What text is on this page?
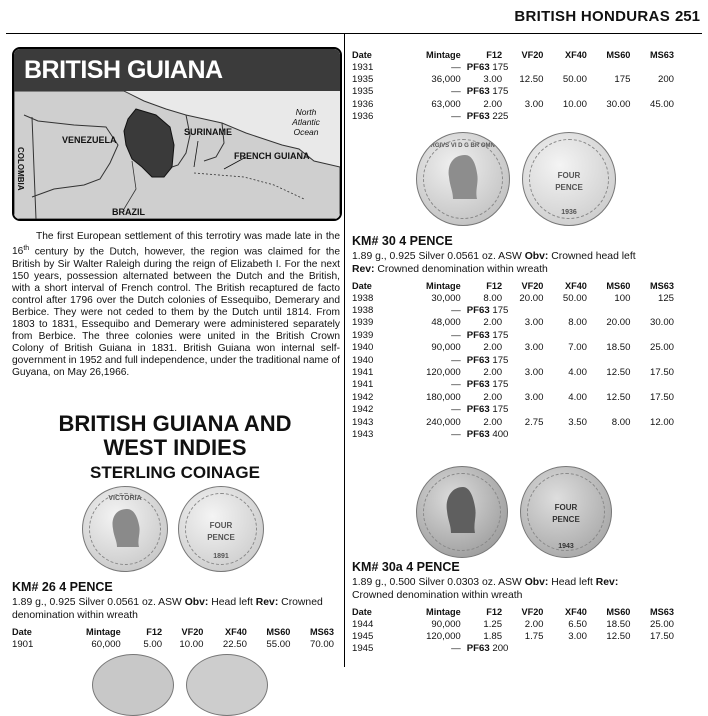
BRITISH HONDURAS 251
BRITISH GUIANA
VENEZUELA
SURINAME
FRENCH GUIANA
BRAZIL
COLOMBIA
North
Atlantic
Ocean
The first European settlement of this terrotiry was made late in the 16th century by the Dutch, however, the region was claimed for the British by Sir Walter Raleigh during the reign of Elizabeth I. For the next 150 years, possession alternated between the Dutch and the British, with a short interval of French control. The British recaptured de facto control after 1796 over the Dutch colonies of Essequibo, Demerary and Berbice. They were not ceded to them by the Dutch until 1814. From 1803 to 1831, Essequibo and Demerary were administered separately from Berbice. The three colonies were united in the British Crown Colony of British Guiana in 1831. British Guiana won internal self-government in 1952 and full independence, under the traditional name of Guyana, on May 26,1966.
BRITISH GUIANA AND
WEST INDIES
STERLING COINAGE
VICTORIA
FOUR
PENCE
1891
KM# 26 4 PENCE
1.89 g., 0.925 Silver 0.0561 oz. ASW Obv: Head left Rev: Crowned denomination within wreath
Date	Mintage	F12	VF20	XF40	MS60	MS63
1901	60,000	5.00	10.00	22.50	55.00	70.00
Date	Mintage	F12	VF20	XF40	MS60	MS63
1931	—	PF63 175				
1935	36,000	3.00	12.50	50.00	175	200
1935	—	PF63 175				
1936	63,000	2.00	3.00	10.00	30.00	45.00
1936	—	PF63 225				
GEORGIVS VI D G BR OMN REX
FOUR
PENCE
1936
KM# 30 4 PENCE
1.89 g., 0.925 Silver 0.0561 oz. ASW Obv: Crowned head left
Rev: Crowned denomination within wreath
Date	Mintage	F12	VF20	XF40	MS60	MS63
1938	30,000	8.00	20.00	50.00	100	125
1938	—	PF63 175				
1939	48,000	2.00	3.00	8.00	20.00	30.00
1939	—	PF63 175				
1940	90,000	2.00	3.00	7.00	18.50	25.00
1940	—	PF63 175				
1941	120,000	2.00	3.00	4.00	12.50	17.50
1941	—	PF63 175				
1942	180,000	2.00	3.00	4.00	12.50	17.50
1942	—	PF63 175				
1943	240,000	2.00	2.75	3.50	8.00	12.00
1943	—	PF63 400				
FOUR
PENCE
1943
KM# 30a 4 PENCE
1.89 g., 0.500 Silver 0.0303 oz. ASW Obv: Head left Rev:
Crowned denomination within wreath
Date	Mintage	F12	VF20	XF40	MS60	MS63
1944	90,000	1.25	2.00	6.50	18.50	25.00
1945	120,000	1.85	1.75	3.00	12.50	17.50
1945	—	PF63 200				
